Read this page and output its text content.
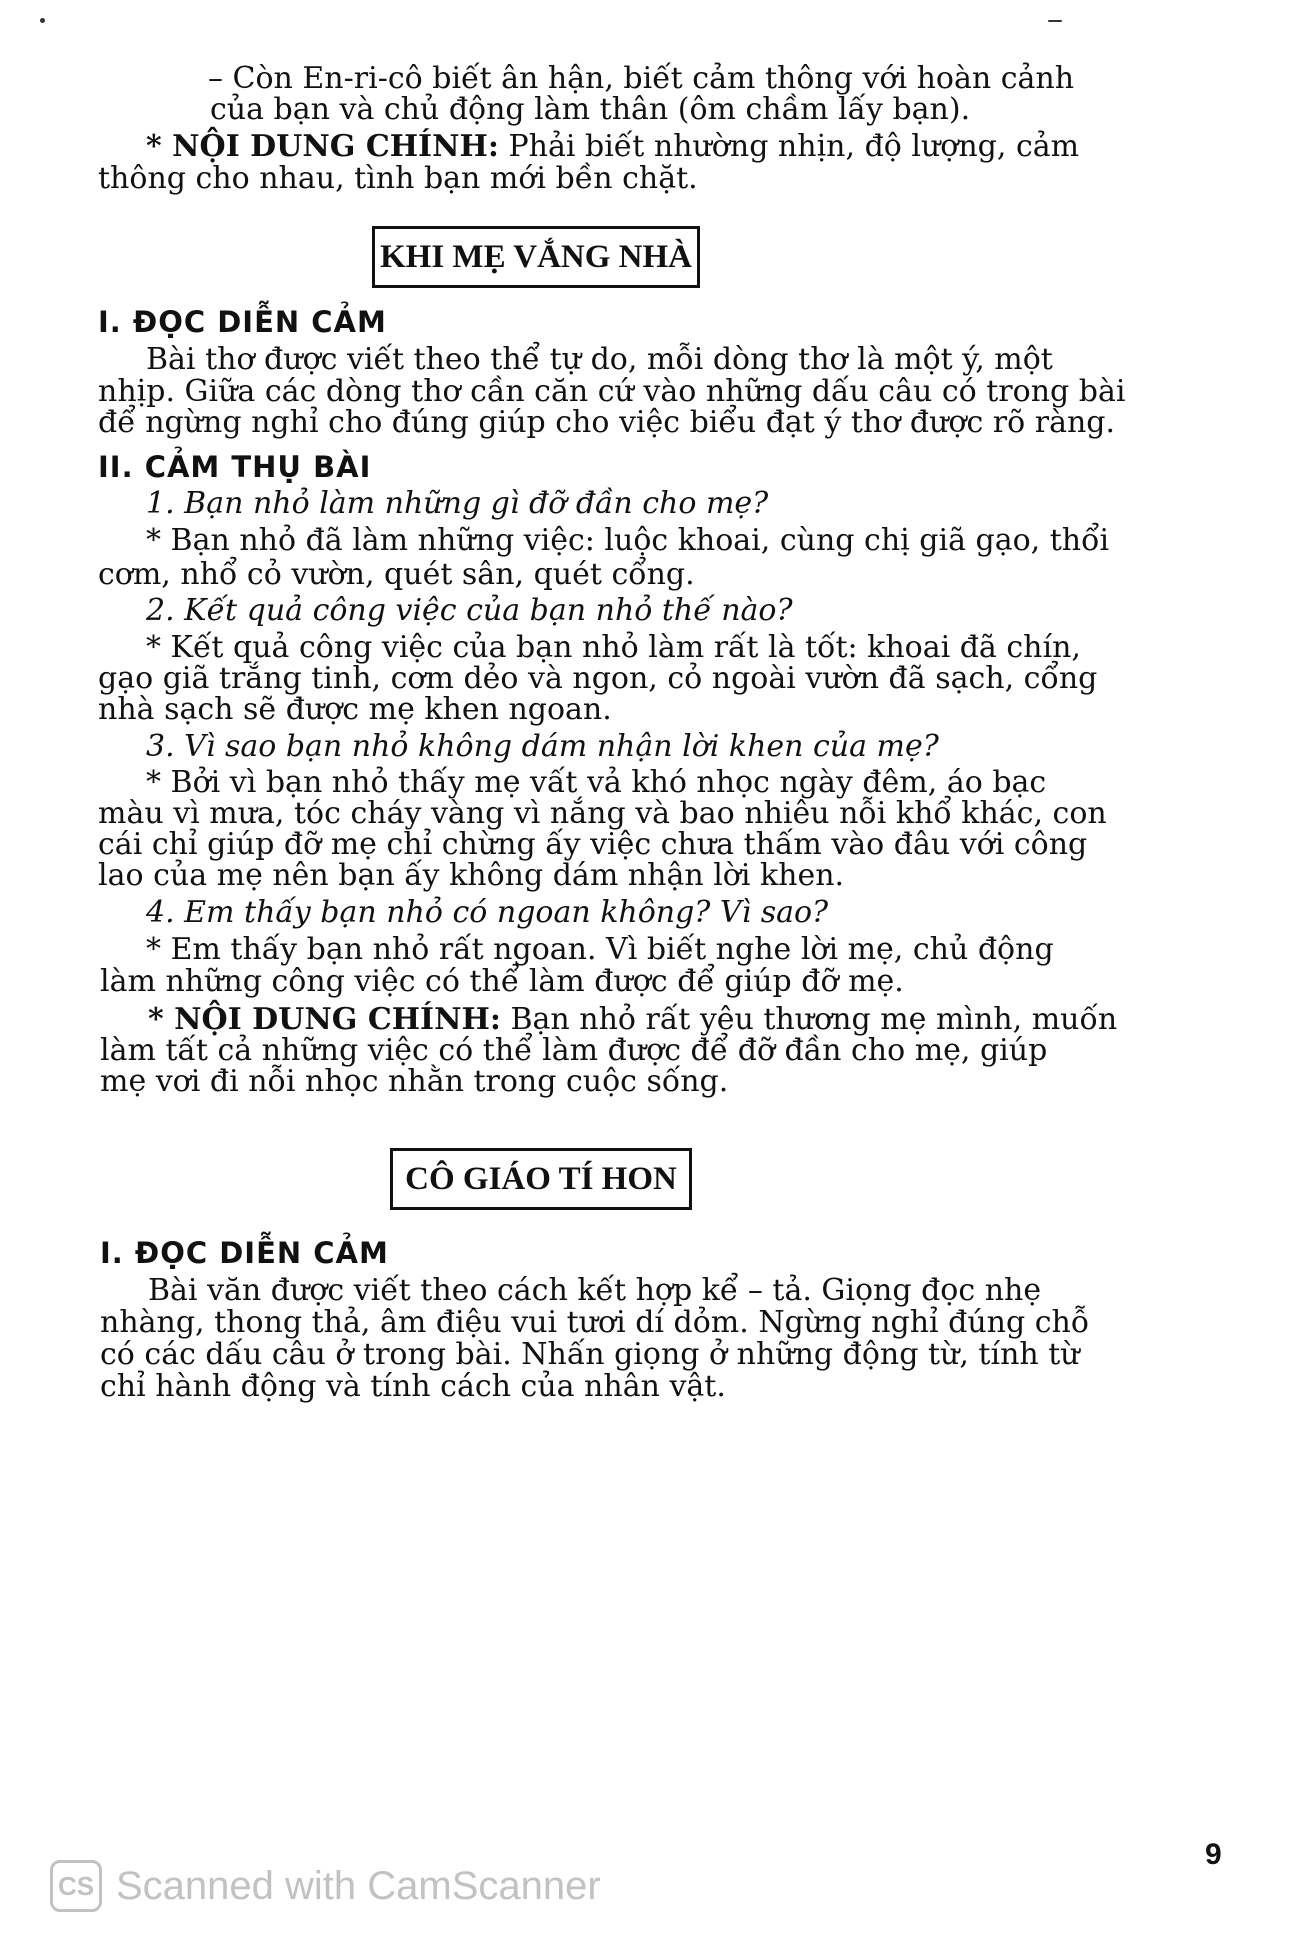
– Còn En-ri-cô biết ân hận, biết cảm thông với hoàn cảnh
của bạn và chủ động làm thân (ôm chầm lấy bạn).
* NỘI DUNG CHÍNH: Phải biết nhường nhịn, độ lượng, cảm
thông cho nhau, tình bạn mới bền chặt.
KHI MẸ VẮNG NHÀ
I. ĐỌC DIỄN CẢM
Bài thơ được viết theo thể tự do, mỗi dòng thơ là một ý, một
nhịp. Giữa các dòng thơ cần căn cứ vào những dấu câu có trong bài
để ngừng nghỉ cho đúng giúp cho việc biểu đạt ý thơ được rõ ràng.
II. CẢM THỤ BÀI
1. Bạn nhỏ làm những gì đỡ đần cho mẹ?
* Bạn nhỏ đã làm những việc: luộc khoai, cùng chị giã gạo, thổi
cơm, nhổ cỏ vườn, quét sân, quét cổng.
2. Kết quả công việc của bạn nhỏ thế nào?
* Kết quả công việc của bạn nhỏ làm rất là tốt: khoai đã chín,
gạo giã trắng tinh, cơm dẻo và ngon, cỏ ngoài vườn đã sạch, cổng
nhà sạch sẽ được mẹ khen ngoan.
3. Vì sao bạn nhỏ không dám nhận lời khen của mẹ?
* Bởi vì bạn nhỏ thấy mẹ vất vả khó nhọc ngày đêm, áo bạc
màu vì mưa, tóc cháy vàng vì nắng và bao nhiêu nỗi khổ khác, con
cái chỉ giúp đỡ mẹ chỉ chừng ấy việc chưa thấm vào đâu với công
lao của mẹ nên bạn ấy không dám nhận lời khen.
4. Em thấy bạn nhỏ có ngoan không? Vì sao?
* Em thấy bạn nhỏ rất ngoan. Vì biết nghe lời mẹ, chủ động
làm những công việc có thể làm được để giúp đỡ mẹ.
* NỘI DUNG CHÍNH: Bạn nhỏ rất yêu thương mẹ mình, muốn
làm tất cả những việc có thể làm được để đỡ đần cho mẹ, giúp
mẹ vơi đi nỗi nhọc nhằn trong cuộc sống.
CÔ GIÁO TÍ HON
I. ĐỌC DIỄN CẢM
Bài văn được viết theo cách kết hợp kể – tả. Giọng đọc nhẹ
nhàng, thong thả, âm điệu vui tươi dí dỏm. Ngừng nghỉ đúng chỗ
có các dấu câu ở trong bài. Nhấn giọng ở những động từ, tính từ
chỉ hành động và tính cách của nhân vật.
CS Scanned with CamScanner
9
